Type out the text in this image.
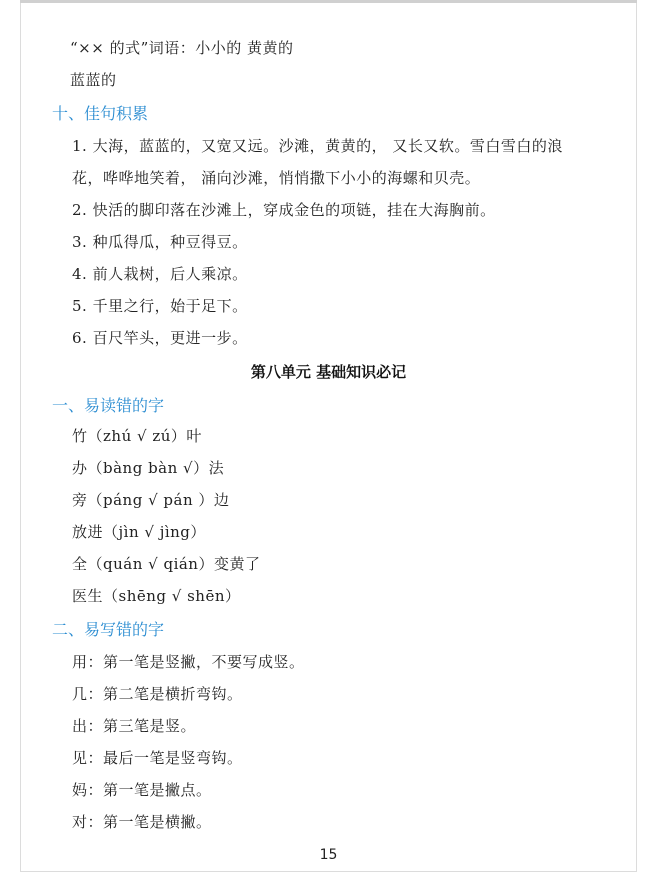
“×× 的式”词语：小小的 黄黄的
蓝蓝的
十、佳句积累
1. 大海，蓝蓝的，又宽又远。沙滩，黄黄的， 又长又软。雪白雪白的浪
花，哗哗地笑着， 涌向沙滩，悄悄撒下小小的海螺和贝壳。
2. 快活的脚印落在沙滩上，穿成金色的项链，挂在大海胸前。
3. 种瓜得瓜，种豆得豆。
4. 前人栽树，后人乘凉。
5. 千里之行，始于足下。
6. 百尺竿头，更进一步。
第八单元 基础知识必记
一、易读错的字
竹（zhú √ zú）叶
办（bàng bàn √）法
旁（páng √ pán ）边
放进（jìn √ jìng）
全（quán √ qián）变黄了
医生（shēng √ shēn）
二、易写错的字
用：第一笔是竖撇，不要写成竖。
几：第二笔是横折弯钩。
出：第三笔是竖。
见：最后一笔是竖弯钩。
妈：第一笔是撇点。
对：第一笔是横撇。
15
